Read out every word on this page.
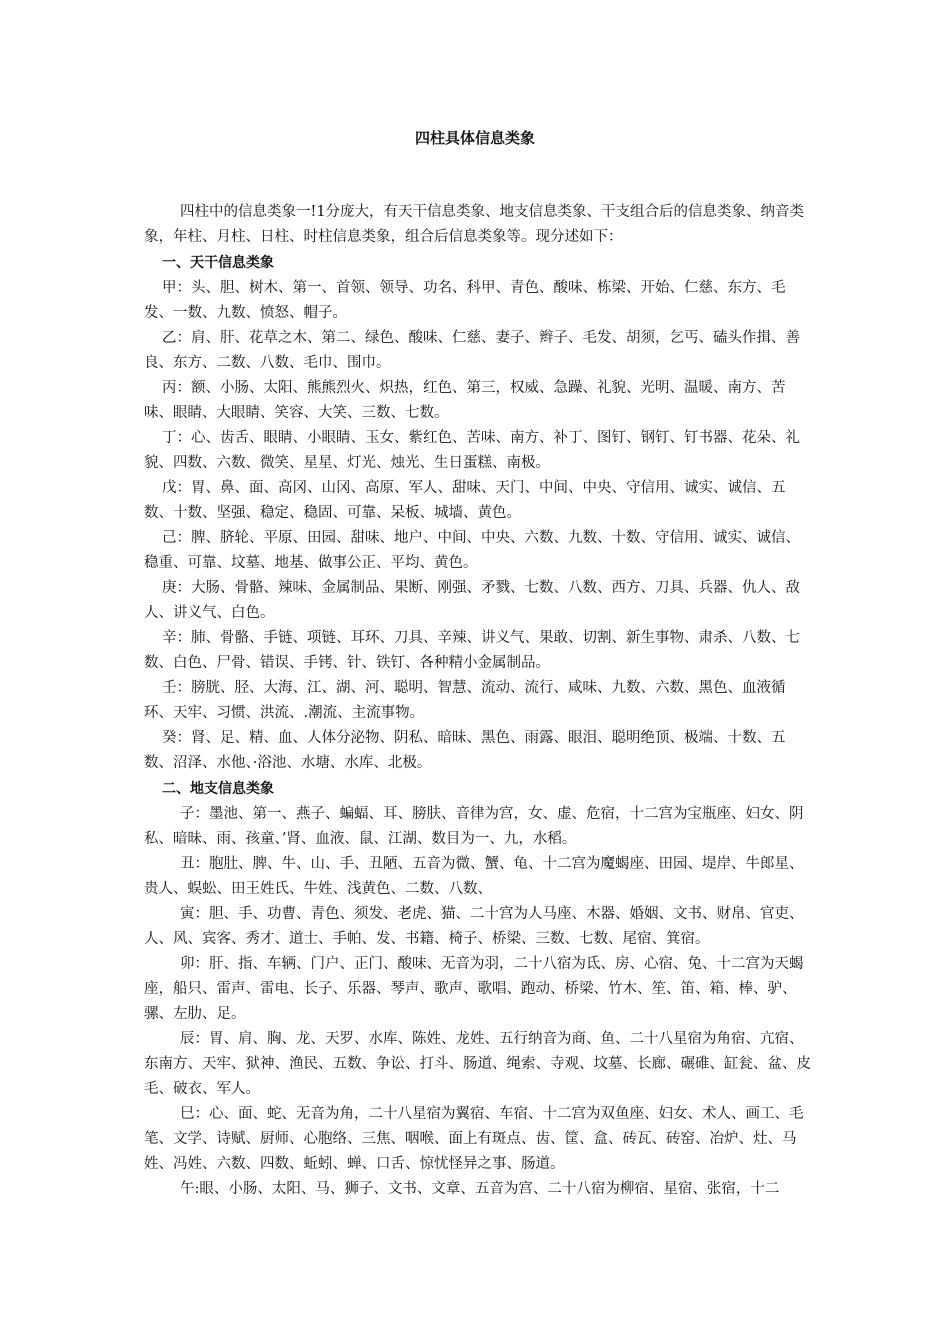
四柱具体信息类象

四柱中的信息类象一!1分庞大，有天干信息类象、地支信息类象、干支组合后的信息类象、纳音类象，年柱、月柱、日柱、时柱信息类象，组合后信息类象等。现分述如下：

一、天干信息类象

甲：头、胆、树木、第一、首领、领导、功名、科甲、青色、酸味、栋梁、开始、仁慈、东方、毛发、一数、九数、愤怒、帽子。

乙：肩、肝、花草之木、第二、绿色、酸味、仁慈、妻子、辫子、毛发、胡须，乞丐、磕头作揖、善良、东方、二数、八数、毛巾、围巾。

丙：额、小肠、太阳、熊熊烈火、炽热，红色、第三，权威、急躁、礼貌、光明、温暖、南方、苦味、眼睛、大眼睛、笑容、大笑、三数、七数。

丁：心、齿舌、眼睛、小眼睛、玉女、紫红色、苦味、南方、补丁、图钉、钢钉、钉书器、花朵、礼貌、四数、六数、微笑、星星、灯光、烛光、生日蛋糕、南极。

戊：胃、鼻、面、高冈、山冈、高原、军人、甜味、天门、中间、中央、守信用、诚实、诚信、五数、十数、坚强、稳定、稳固、可靠、呆板、城墙、黄色。

己：脾、脐轮、平原、田园、甜味、地户、中间、中央、六数、九数、十数、守信用、诚实、诚信、稳重、可靠、坟墓、地基、做事公正、平均、黄色。

庚：大肠、骨骼、辣味、金属制品、果断、刚强、矛戮、七数、八数、西方、刀具、兵器、仇人、敌人、讲义气、白色。

辛：肺、骨骼、手链、项链、耳环、刀具、辛辣、讲义气、果敢、切割、新生事物、肃杀、八数、七数、白色、尸骨、错误、手铐、针、铁钉、各种精小金属制品。

壬：膀胱、胫、大海、江、湖、河、聪明、智慧、流动、流行、咸味、九数、六数、黑色、血液循环、天牢、习惯、洪流、.潮流、主流事物。

癸：肾、足、精、血、人体分泌物、阴私、暗昧、黑色、雨露、眼泪、聪明绝顶、极端、十数、五数、沼泽、水他、·浴池、水塘、水库、北极。

二、地支信息类象

子：墨池、第一、燕子、蝙蝠、耳、膀肤、音律为宫，女、虚、危宿，十二宫为宝瓶座、妇女、阴私、暗昧、雨、孩童、’肾、血液、鼠、江湖、数目为一、九，水稻。

丑：胞肚、脾、牛、山、手、丑陋、五音为微、蟹、龟、十二宫为魔蝎座、田园、堤岸、牛郎星、贵人、蜈蚣、田王姓氏、牛姓、浅黄色、二数、八数、

寅：胆、手、功曹、青色、须发、老虎、猫、二十宫为人马座、木器、婚姻、文书、财帛、官吏、人、风、宾客、秀才、道士、手帕、发、书籍、椅子、桥梁、三数、七数、尾宿、箕宿。

卯：肝、指、车辆、门户、正门、酸味、无音为羽，二十八宿为氐、房、心宿、兔、十二宫为天蝎座，船只、雷声、雷电、长子、乐器、琴声、歌声、歌唱、跑动、桥梁、竹木、笙、笛、箱、棒、驴、骡、左肋、足。

辰：胃、肩、胸、龙、天罗、水库、陈姓、龙姓、五行纳音为商、鱼、二十八星宿为角宿、亢宿、东南方、天牢、狱神、渔民、五数、争讼、打斗、肠道、绳索、寺观、坟墓、长廊、碾碓、缸瓮、盆、皮毛、破衣、军人。

巳：心、面、蛇、无音为角，二十八星宿为翼宿、车宿、十二宫为双鱼座、妇女、术人、画工、毛笔、文学、诗赋、厨师、心胞络、三焦、咽喉、面上有斑点、齿、筐、盒、砖瓦、砖窑、冶炉、灶、马姓、冯姓、六数、四数、蚯蚓、蝉、口舌、惊忧怪异之事、肠道。

午:眼、小肠、太阳、马、狮子、文书、文章、五音为宫、二十八宿为柳宿、星宿、张宿，十二
